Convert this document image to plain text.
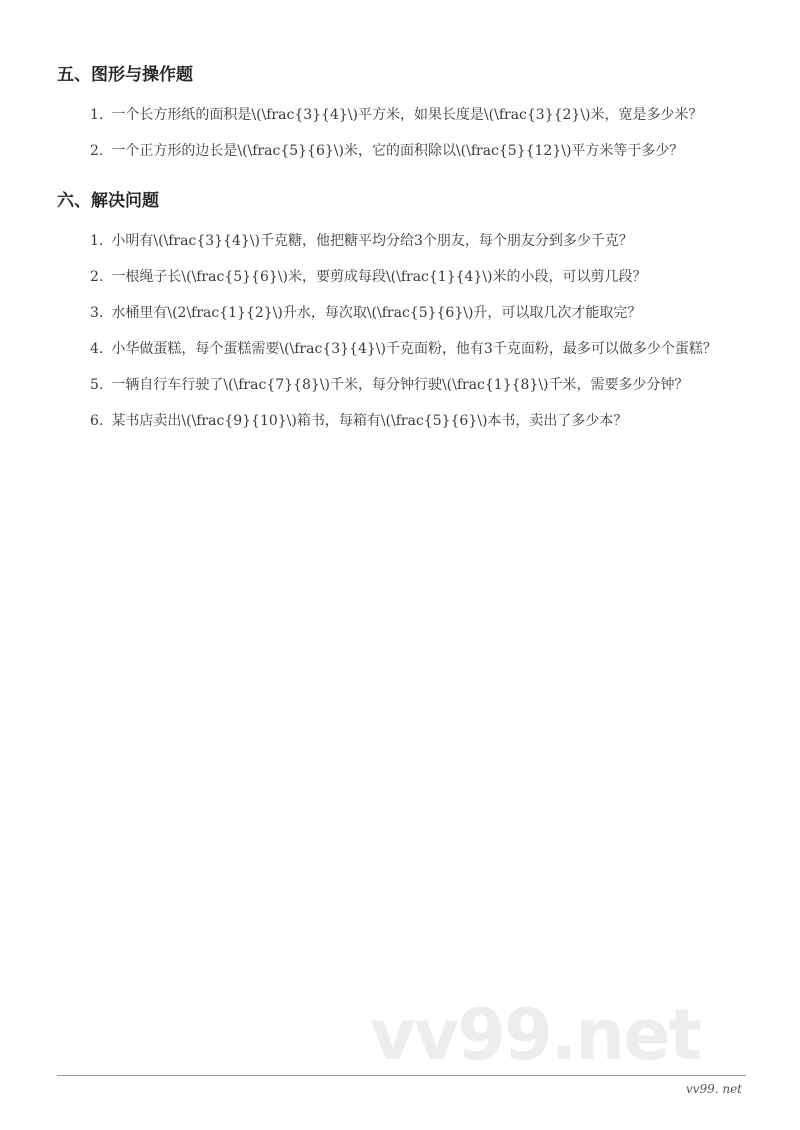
五、图形与操作题
1. 一个长方形纸的面积是\(\frac{3}{4}\)平方米，如果长度是\(\frac{3}{2}\)米，宽是多少米？
2. 一个正方形的边长是\(\frac{5}{6}\)米，它的面积除以\(\frac{5}{12}\)平方米等于多少？
六、解决问题
1. 小明有\(\frac{3}{4}\)千克糖，他把糖平均分给3个朋友，每个朋友分到多少千克？
2. 一根绳子长\(\frac{5}{6}\)米，要剪成每段\(\frac{1}{4}\)米的小段，可以剪几段？
3. 水桶里有\(2\frac{1}{2}\)升水，每次取\(\frac{5}{6}\)升，可以取几次才能取完？
4. 小华做蛋糕，每个蛋糕需要\(\frac{3}{4}\)千克面粉，他有3千克面粉，最多可以做多少个蛋糕？
5. 一辆自行车行驶了\(\frac{7}{8}\)千米，每分钟行驶\(\frac{1}{8}\)千米，需要多少分钟？
6. 某书店卖出\(\frac{9}{10}\)箱书，每箱有\(\frac{5}{6}\)本书，卖出了多少本？
vv99.net
vv99. net
